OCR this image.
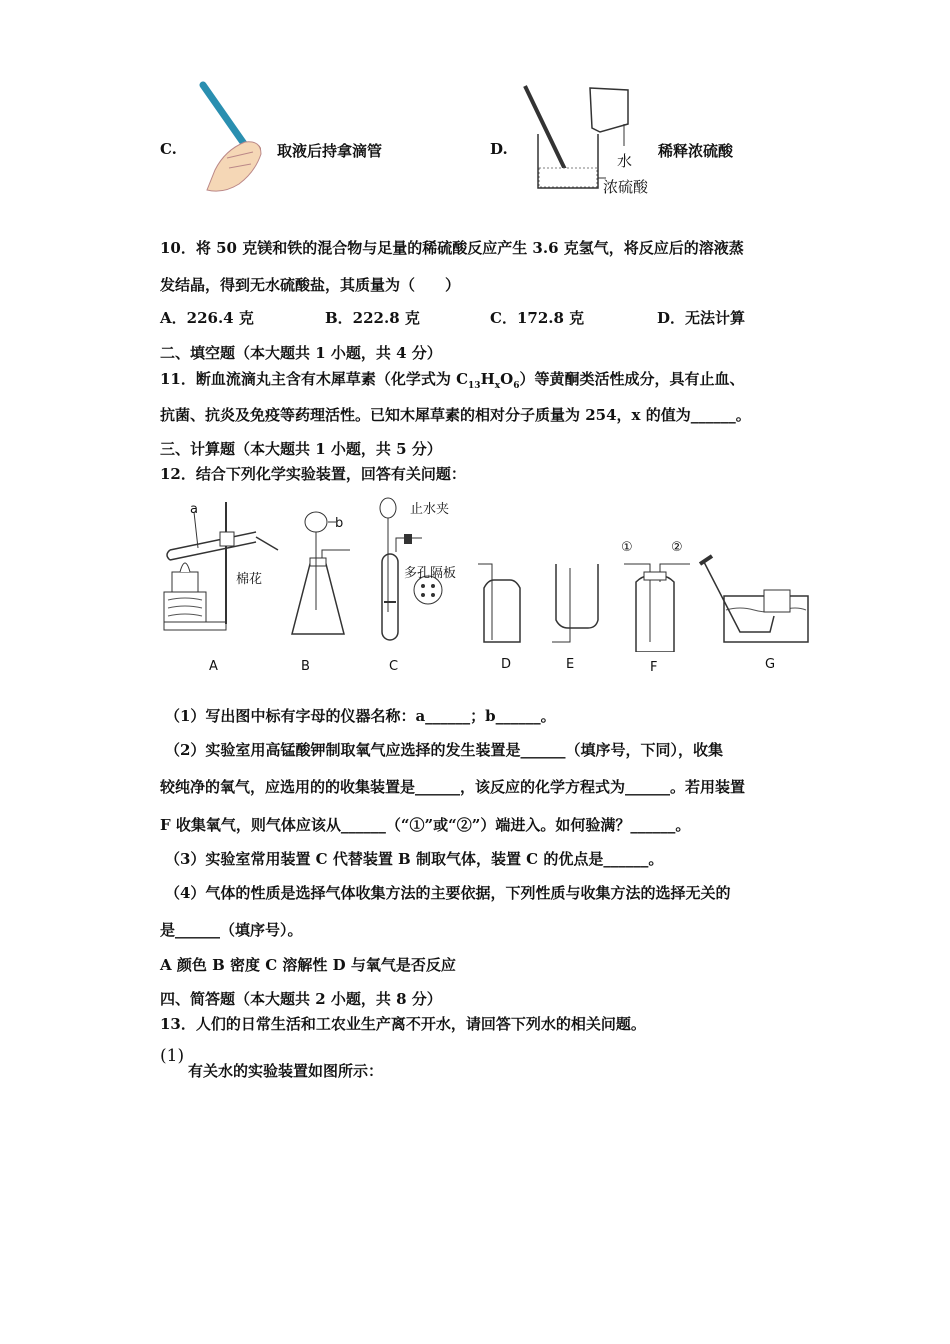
C.	取液后持拿滴管	D.
水
浓硫酸
稀释浓硫酸
10．将 50 克镁和铁的混合物与足量的稀硫酸反应产生 3.6 克氢气，将反应后的溶液蒸
发结晶，得到无水硫酸盐，其质量为（　　）
A．226.4 克	B．222.8 克	C．172.8 克	D．无法计算
二、填空题（本大题共 1 小题，共 4 分）
11．断血流滴丸主含有木犀草素（化学式为 $C_{13}H_xO_6$）等黄酮类活性成分，具有止血、
抗菌、抗炎及免疫等药理活性。已知木犀草素的相对分子质量为 254，x 的值为______。
三、计算题（本大题共 1 小题，共 5 分）
12．结合下列化学实验装置，回答有关问题：
a
b
棉花
止水夹
多孔隔板
①	②
A	B	C	D	E	F	G
（1）写出图中标有字母的仪器名称：a______；b______。
（2）实验室用高锰酸钾制取氧气应选择的发生装置是______（填序号，下同），收集
较纯净的氧气，应选用的的收集装置是______，该反应的化学方程式为______。若用装置
F 收集氧气，则气体应该从______（“①”或“②”）端进入。如何验满？______。
（3）实验室常用装置 C 代替装置 B 制取气体，装置 C 的优点是______。
（4）气体的性质是选择气体收集方法的主要依据，下列性质与收集方法的选择无关的
是______（填序号）。
A 颜色 B 密度 C 溶解性 D 与氧气是否反应
四、简答题（本大题共 2 小题，共 8 分）
13．人们的日常生活和工农业生产离不开水，请回答下列水的相关问题。
(1)
有关水的实验装置如图所示：
